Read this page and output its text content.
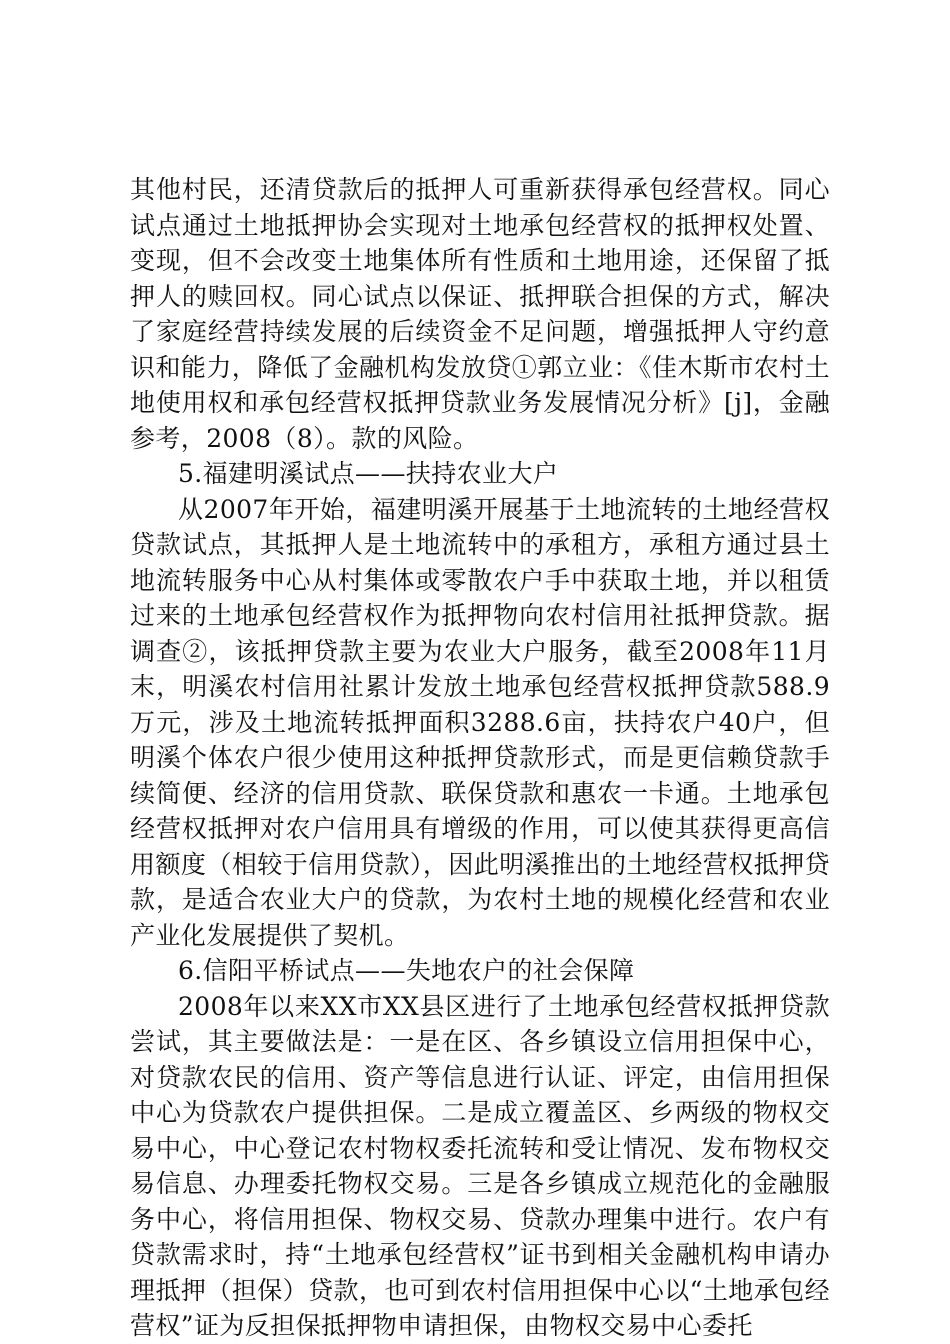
其他村民，还清贷款后的抵押人可重新获得承包经营权。同心试点通过土地抵押协会实现对土地承包经营权的抵押权处置、变现，但不会改变土地集体所有性质和土地用途，还保留了抵押人的赎回权。同心试点以保证、抵押联合担保的方式，解决了家庭经营持续发展的后续资金不足问题，增强抵押人守约意识和能力，降低了金融机构发放贷①郭立业：《佳木斯市农村土地使用权和承包经营权抵押贷款业务发展情况分析》[j]，金融参考，2008（8）。款的风险。

5.福建明溪试点——扶持农业大户

从2007年开始，福建明溪开展基于土地流转的土地经营权贷款试点，其抵押人是土地流转中的承租方，承租方通过县土地流转服务中心从村集体或零散农户手中获取土地，并以租赁过来的土地承包经营权作为抵押物向农村信用社抵押贷款。据调查②，该抵押贷款主要为农业大户服务，截至2008年11月末，明溪农村信用社累计发放土地承包经营权抵押贷款588.9万元，涉及土地流转抵押面积3288.6亩，扶持农户40户，但明溪个体农户很少使用这种抵押贷款形式，而是更信赖贷款手续简便、经济的信用贷款、联保贷款和惠农一卡通。土地承包经营权抵押对农户信用具有增级的作用，可以使其获得更高信用额度（相较于信用贷款），因此明溪推出的土地经营权抵押贷款，是适合农业大户的贷款，为农村土地的规模化经营和农业产业化发展提供了契机。

6.信阳平桥试点——失地农户的社会保障

2008年以来XX市XX县区进行了土地承包经营权抵押贷款尝试，其主要做法是：一是在区、各乡镇设立信用担保中心，对贷款农民的信用、资产等信息进行认证、评定，由信用担保中心为贷款农户提供担保。二是成立覆盖区、乡两级的物权交易中心，中心登记农村物权委托流转和受让情况、发布物权交易信息、办理委托物权交易。三是各乡镇成立规范化的金融服务中心，将信用担保、物权交易、贷款办理集中进行。农户有贷款需求时，持“土地承包经营权”证书到相关金融机构申请办理抵押（担保）贷款，也可到农村信用担保中心以“土地承包经营权”证为反担保抵押物申请担保，由物权交易中心委托
